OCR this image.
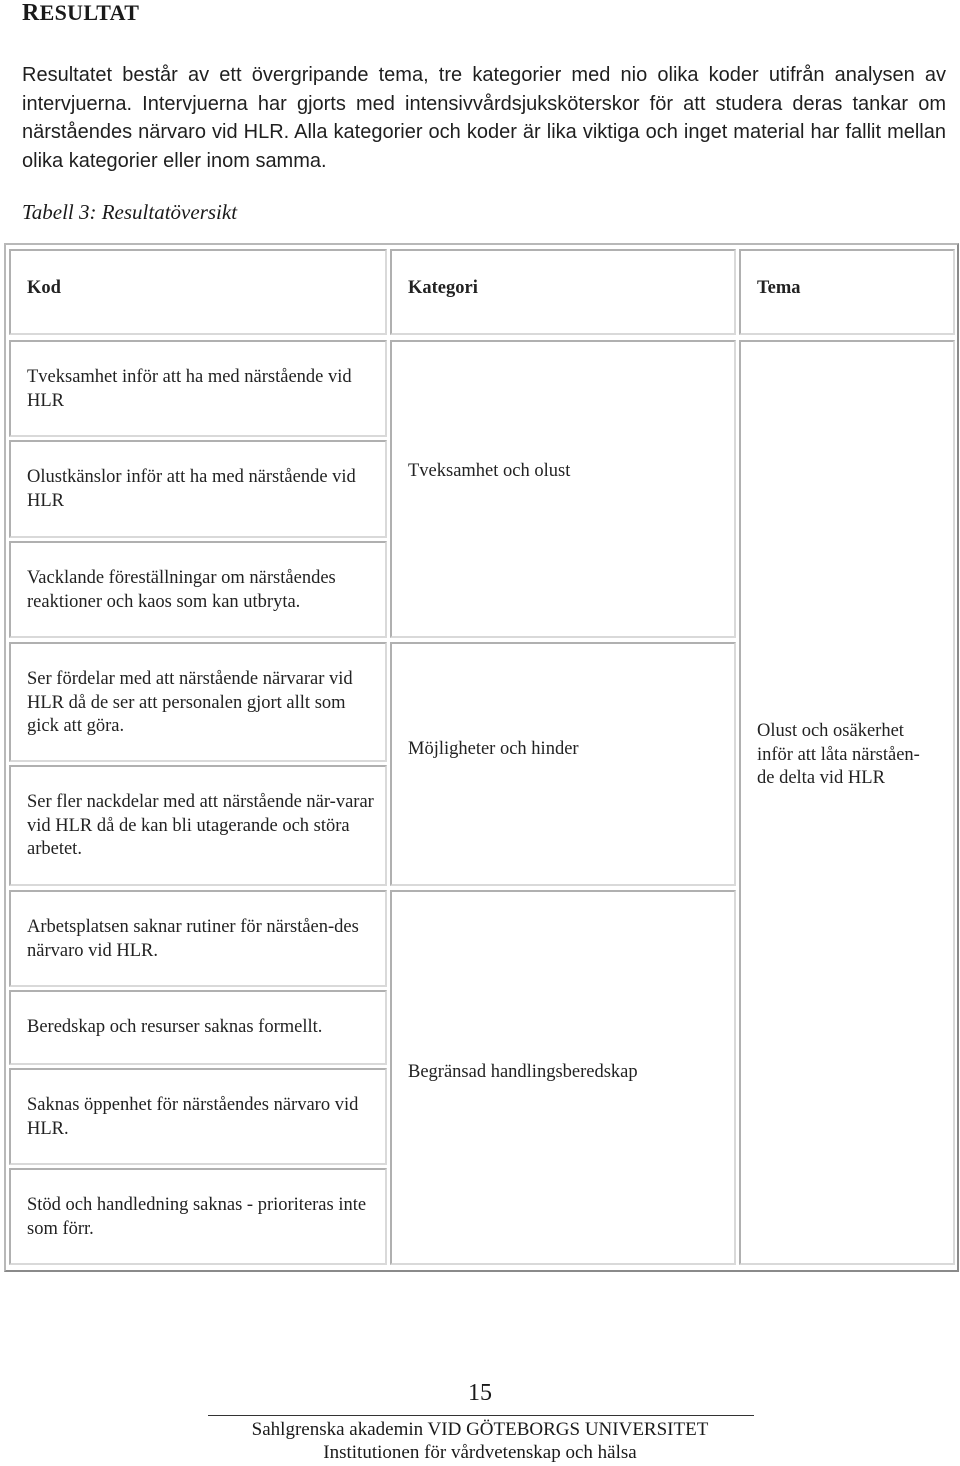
RESULTAT
Resultatet består av ett övergripande tema, tre kategorier med nio olika koder utifrån analysen av intervjuerna. Intervjuerna har gjorts med intensivvårdsjuksköterskor för att studera deras tankar om närståendes närvaro vid HLR. Alla kategorier och koder är lika viktiga och inget material har fallit mellan olika kategorier eller inom samma.
Tabell 3: Resultatöversikt
Kod	Kategori	Tema
Tveksamhet inför att ha med närstående vid HLR
Olustkänslor inför att ha med närstående vid HLR
Vacklande föreställningar om närståendes reaktioner och kaos som kan utbryta.
Ser fördelar med att närstående närvarar vid HLR då de ser att personalen gjort allt som gick att göra.
Ser fler nackdelar med att närstående när-varar vid HLR då de kan bli utagerande och störa arbetet.
Arbetsplatsen saknar rutiner för närståen-des närvaro vid HLR.
Beredskap och resurser saknas formellt.
Saknas öppenhet för närståendes närvaro vid HLR.
Stöd och handledning saknas - prioriteras inte som förr.
Tveksamhet och olust
Möjligheter och hinder
Begränsad handlingsberedskap
Olust och osäkerhet inför att låta närståen-de delta vid HLR
15
Sahlgrenska akademin VID GÖTEBORGS UNIVERSITET
Institutionen för vårdvetenskap och hälsa
